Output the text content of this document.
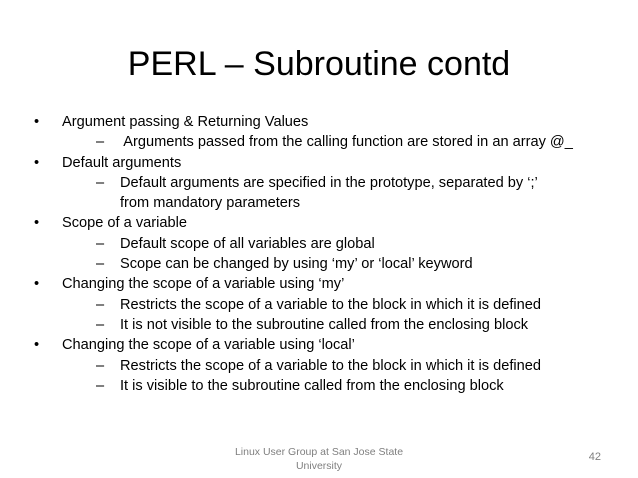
PERL – Subroutine contd
• Argument passing & Returning Values
–  Arguments passed from the calling function are stored in an array @_
• Default arguments
– Default arguments are specified in the prototype, separated by ‘;’ from mandatory parameters
• Scope of a variable
– Default scope of all variables are global
– Scope can be changed by using ‘my’ or ‘local’ keyword
• Changing the scope of a variable using ‘my’
– Restricts the scope of a variable to the block in which it is defined
– It is not visible to the subroutine called from the enclosing block
• Changing the scope of a variable using ‘local’
– Restricts the scope of a variable to the block in which it is defined
– It is visible to the subroutine called from the enclosing block
Linux User Group at San Jose State
University
42
